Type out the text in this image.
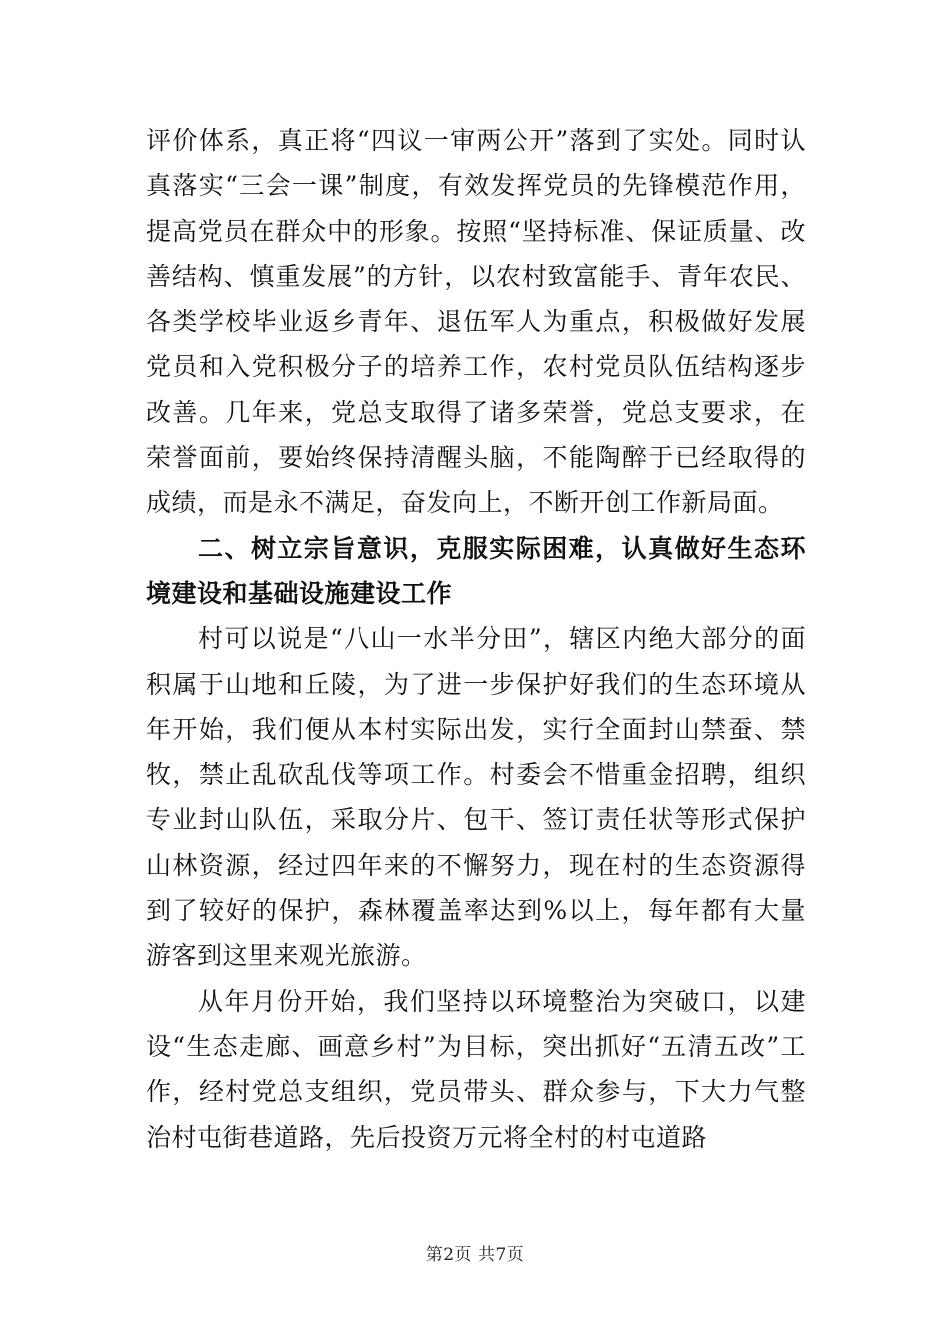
评价体系，真正将“四议一审两公开”落到了实处。同时认真落实“三会一课”制度，有效发挥党员的先锋模范作用，提高党员在群众中的形象。按照“坚持标准、保证质量、改善结构、慎重发展”的方针，以农村致富能手、青年农民、各类学校毕业返乡青年、退伍军人为重点，积极做好发展党员和入党积极分子的培养工作，农村党员队伍结构逐步改善。几年来，党总支取得了诸多荣誉，党总支要求，在荣誉面前，要始终保持清醒头脑，不能陶醉于已经取得的成绩，而是永不满足，奋发向上，不断开创工作新局面。

二、树立宗旨意识，克服实际困难，认真做好生态环境建设和基础设施建设工作

村可以说是“八山一水半分田”，辖区内绝大部分的面积属于山地和丘陵，为了进一步保护好我们的生态环境从年开始，我们便从本村实际出发，实行全面封山禁蚕、禁牧，禁止乱砍乱伐等项工作。村委会不惜重金招聘，组织专业封山队伍，采取分片、包干、签订责任状等形式保护山林资源，经过四年来的不懈努力，现在村的生态资源得到了较好的保护，森林覆盖率达到%以上，每年都有大量游客到这里来观光旅游。

从年月份开始，我们坚持以环境整治为突破口，以建设“生态走廊、画意乡村”为目标，突出抓好“五清五改”工作，经村党总支组织，党员带头、群众参与，下大力气整治村屯街巷道路，先后投资万元将全村的村屯道路

第2页 共7页
